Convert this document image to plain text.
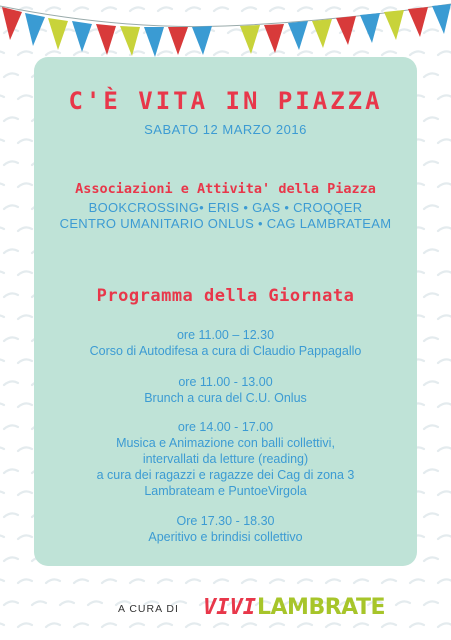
C'È VITA IN PIAZZA
SABATO 12 MARZO 2016
Associazioni e Attivita' della Piazza
BOOKCROSSING• ERIS • GAS • CROQQER
CENTRO UMANITARIO ONLUS • CAG LAMBRATEAM
Programma della Giornata
ore 11.00 – 12.30
Corso di Autodifesa a cura di Claudio Pappagallo
ore 11.00 - 13.00
Brunch a cura del C.U. Onlus
ore 14.00 - 17.00
Musica e Animazione con balli collettivi,
intervallati da letture (reading)
a cura dei ragazzi e ragazze dei Cag di zona 3
Lambrateam e PuntoeVirgola
Ore 17.30 - 18.30
Aperitivo e brindisi collettivo
A CURA DI VIVI LAMBRATE
